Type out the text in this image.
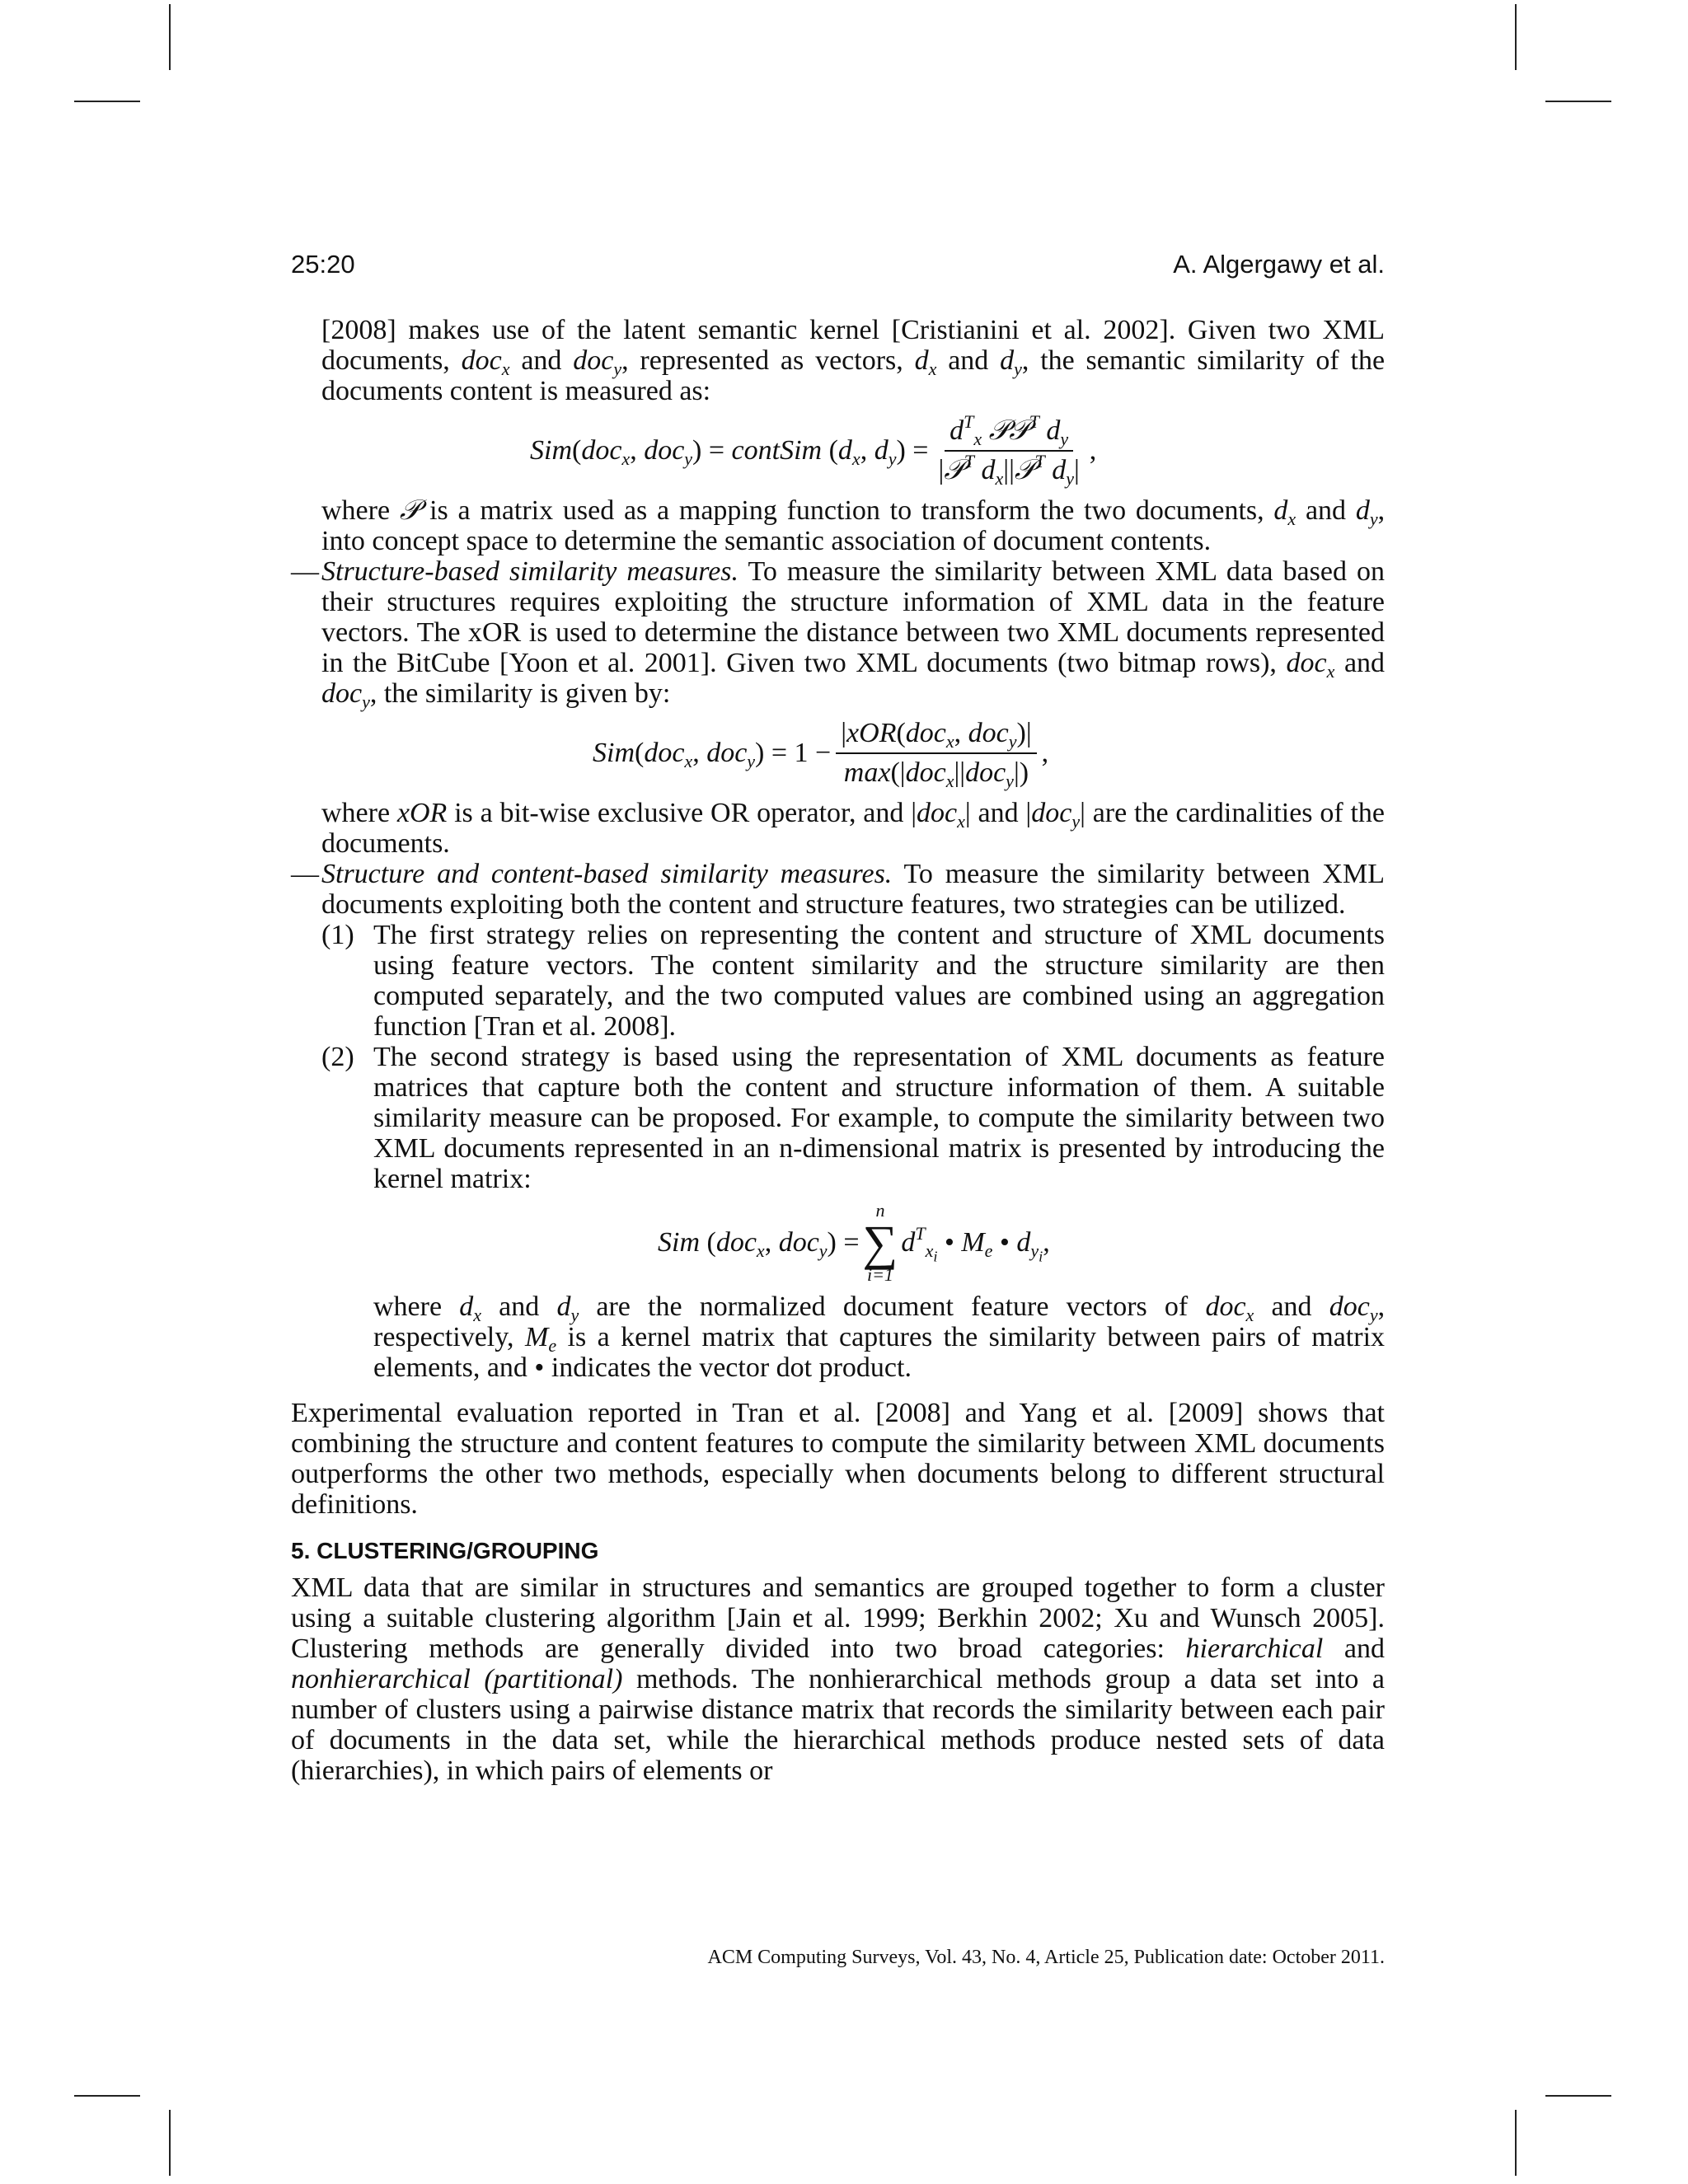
25:20	A. Algergawy et al.

[2008] makes use of the latent semantic kernel [Cristianini et al. 2002]. Given two XML documents, doc$_x$ and doc$_y$, represented as vectors, $d_x$ and $d_y$, the semantic similarity of the documents content is measured as:

Sim ( doc$_x$ , doc$_y$ ) = contSim ( $d_x$ , $d_y$ ) = $\frac{d^T_x 𝒫𝒫^T d_y}{|𝒫^T d_x||𝒫^T d_y|}$ ,

where 𝒫 is a matrix used as a mapping function to transform the two documents, $d_x$ and $d_y$, into concept space to determine the semantic association of document contents.

— Structure-based similarity measures. To measure the similarity between XML data based on their structures requires exploiting the structure information of XML data in the feature vectors. The xOR is used to determine the distance between two XML documents represented in the BitCube [Yoon et al. 2001]. Given two XML documents (two bitmap rows), doc$_x$ and doc$_y$, the similarity is given by:

Sim ( doc$_x$ , doc$_y$ ) = $1 - \frac{|xOR(doc_x, doc_y)|}{\max(|doc_x||doc_y|)}$ ,

where xOR is a bit-wise exclusive OR operator, and |doc$_x$| and |doc$_y$| are the cardinalities of the documents.

— Structure and content-based similarity measures. To measure the similarity between XML documents exploiting both the content and structure features, two strategies can be utilized.

(1) The first strategy relies on representing the content and structure of XML documents using feature vectors. The content similarity and the structure similarity are then computed separately, and the two computed values are combined using an aggregation function [Tran et al. 2008].

(2) The second strategy is based using the representation of XML documents as feature matrices that capture both the content and structure information of them. A suitable similarity measure can be proposed. For example, to compute the similarity between two XML documents represented in an n-dimensional matrix is presented by introducing the kernel matrix:

Sim ( doc$_x$ , doc$_y$ ) =
n
∑
i=1
$d^T_{x_i}$ • $M_e$ • $d_{y_i}$ ,

where $d_x$ and $d_y$ are the normalized document feature vectors of doc$_x$ and doc$_y$, respectively, $M_e$ is a kernel matrix that captures the similarity between pairs of matrix elements, and • indicates the vector dot product.

Experimental evaluation reported in Tran et al. [2008] and Yang et al. [2009] shows that combining the structure and content features to compute the similarity between XML documents outperforms the other two methods, especially when documents belong to different structural definitions.

5. CLUSTERING/GROUPING

XML data that are similar in structures and semantics are grouped together to form a cluster using a suitable clustering algorithm [Jain et al. 1999; Berkhin 2002; Xu and Wunsch 2005]. Clustering methods are generally divided into two broad categories: hierarchical and nonhierarchical (partitional) methods. The nonhierarchical methods group a data set into a number of clusters using a pairwise distance matrix that records the similarity between each pair of documents in the data set, while the hierarchical methods produce nested sets of data (hierarchies), in which pairs of elements or

ACM Computing Surveys, Vol. 43, No. 4, Article 25, Publication date: October 2011.
